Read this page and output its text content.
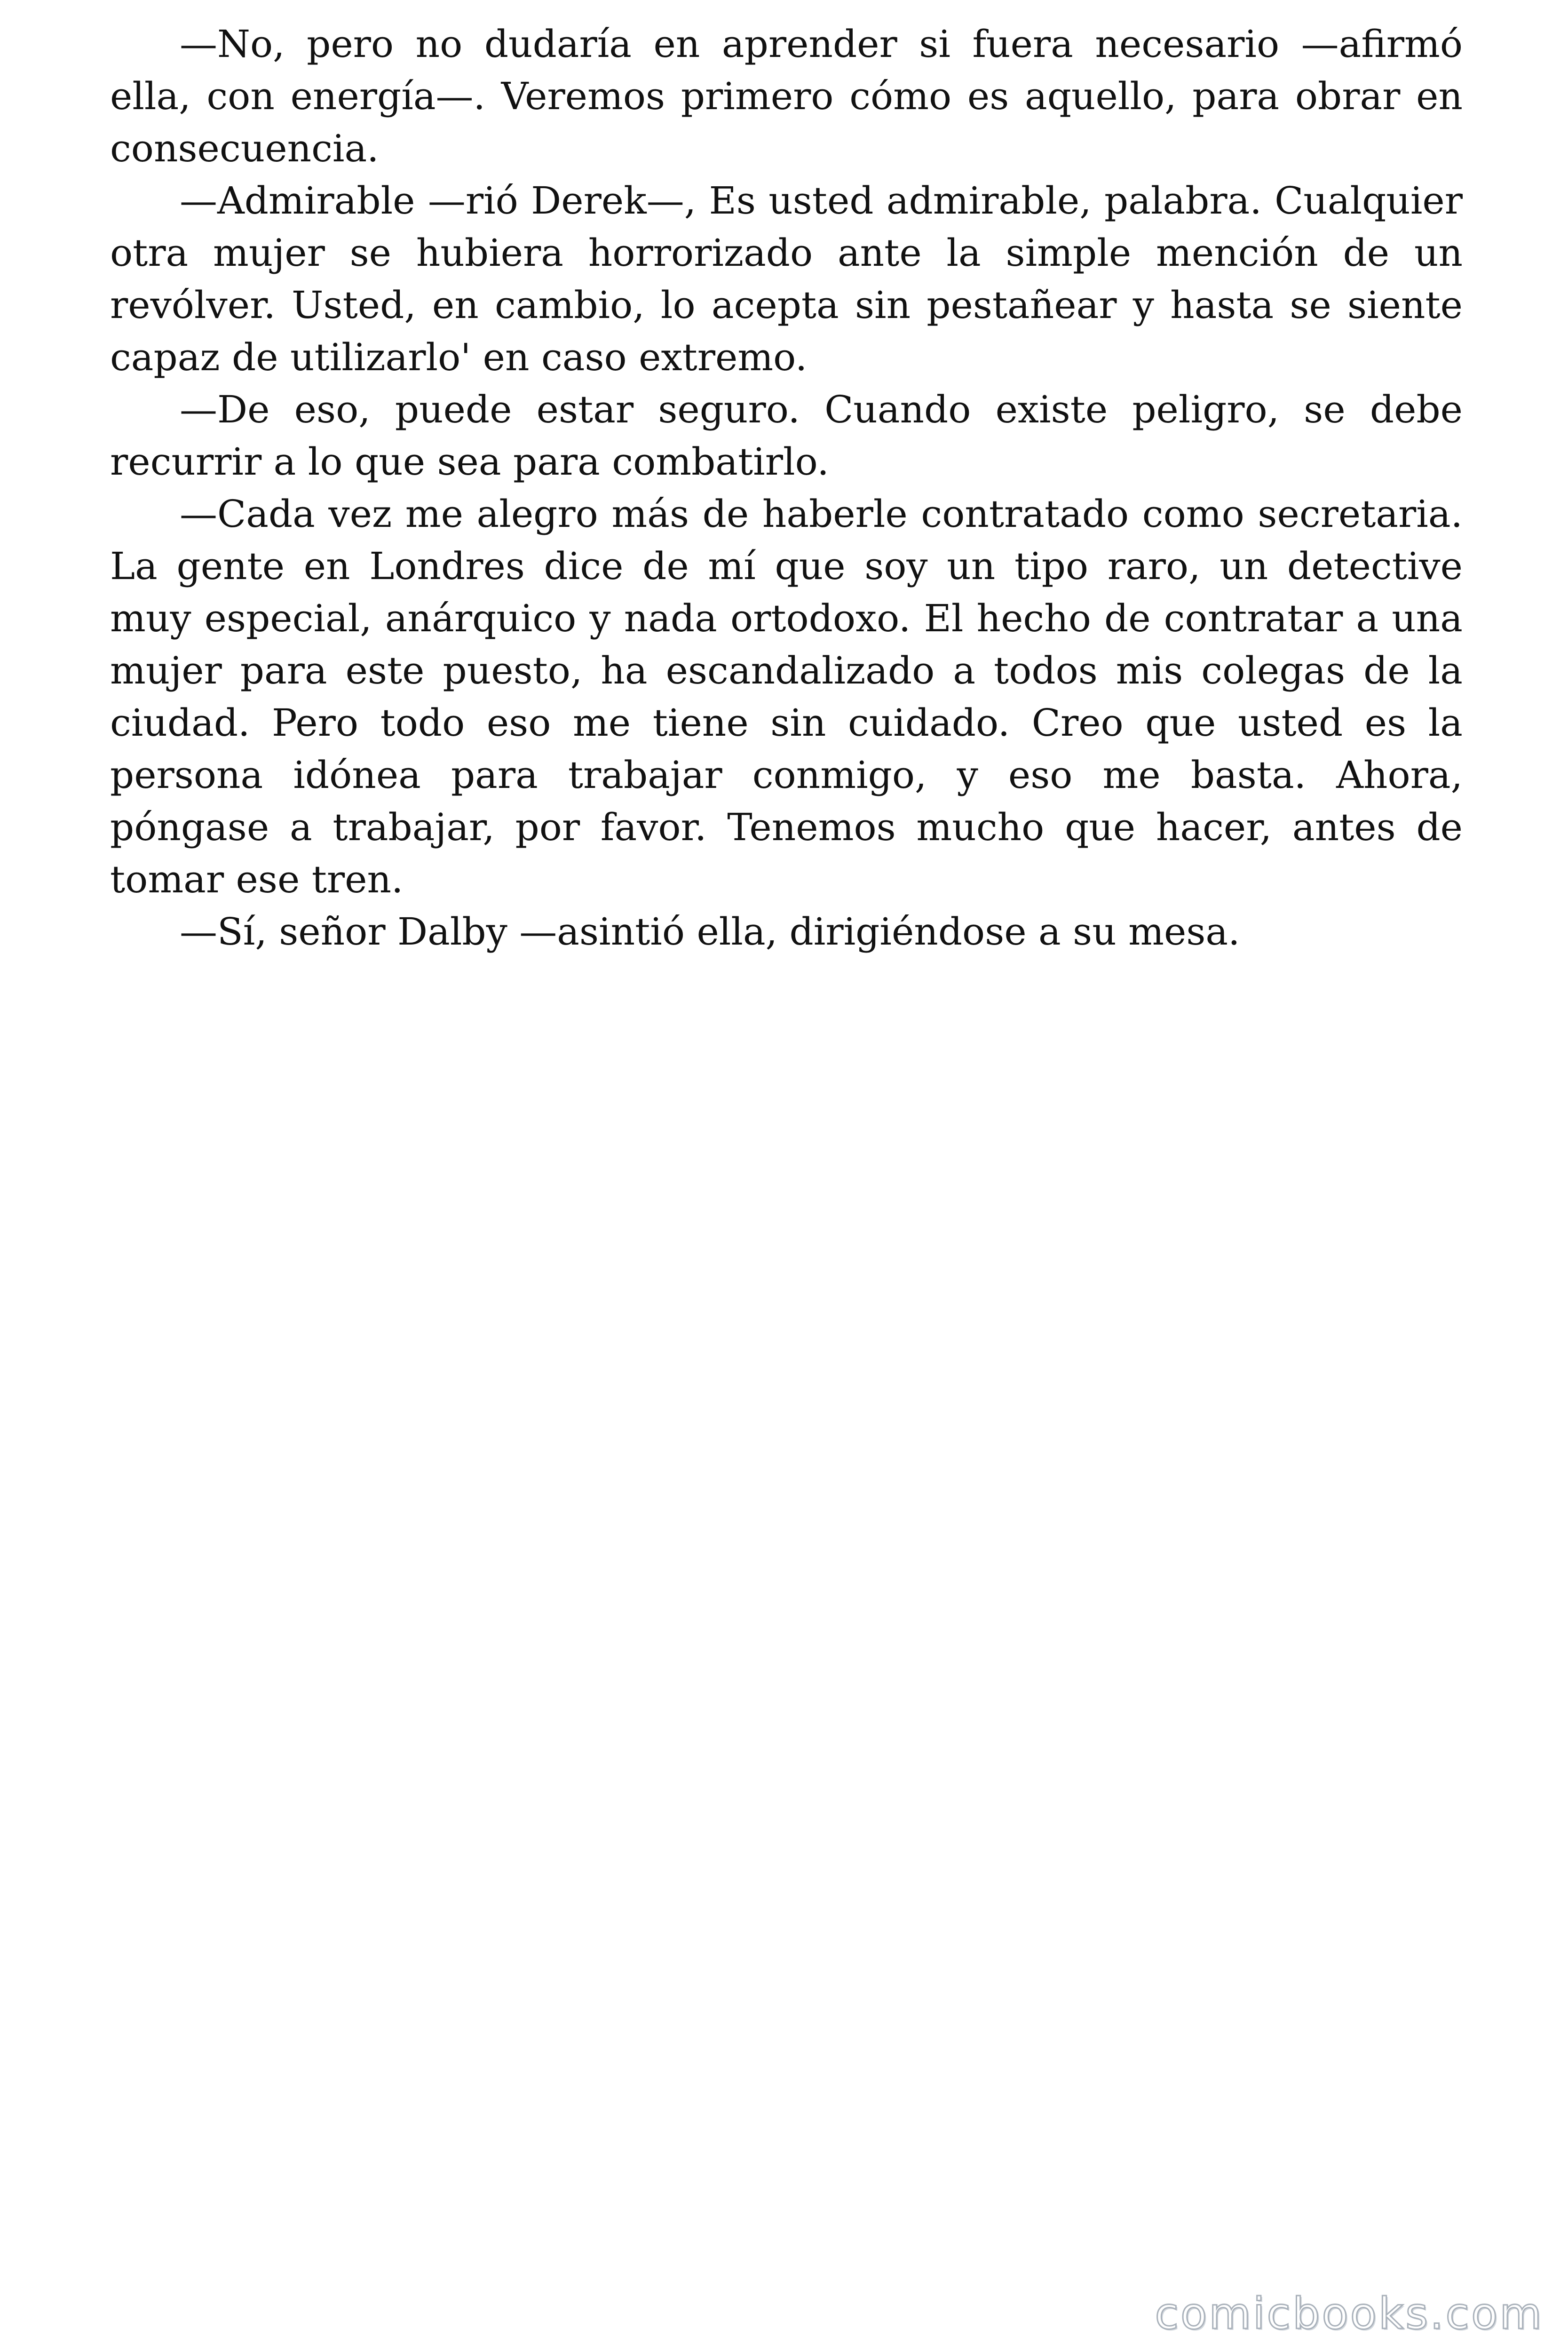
—No, pero no dudaría en aprender si fuera necesario —afirmó ella, con energía—. Veremos primero cómo es aquello, para obrar en consecuencia.

—Admirable —rió Derek—, Es usted admirable, palabra. Cualquier otra mujer se hubiera horrorizado ante la simple mención de un revólver. Usted, en cambio, lo acepta sin pestañear y hasta se siente capaz de utilizarlo' en caso extremo.

—De eso, puede estar seguro. Cuando existe peligro, se debe recurrir a lo que sea para combatirlo.

—Cada vez me alegro más de haberle contratado como secretaria. La gente en Londres dice de mí que soy un tipo raro, un detective muy especial, anárquico y nada ortodoxo. El hecho de contratar a una mujer para este puesto, ha escandalizado a todos mis colegas de la ciudad. Pero todo eso me tiene sin cuidado. Creo que usted es la persona idónea para trabajar conmigo, y eso me basta. Ahora, póngase a trabajar, por favor. Tenemos mucho que hacer, antes de tomar ese tren.

—Sí, señor Dalby —asintió ella, dirigiéndose a su mesa.

comicbooks.com
